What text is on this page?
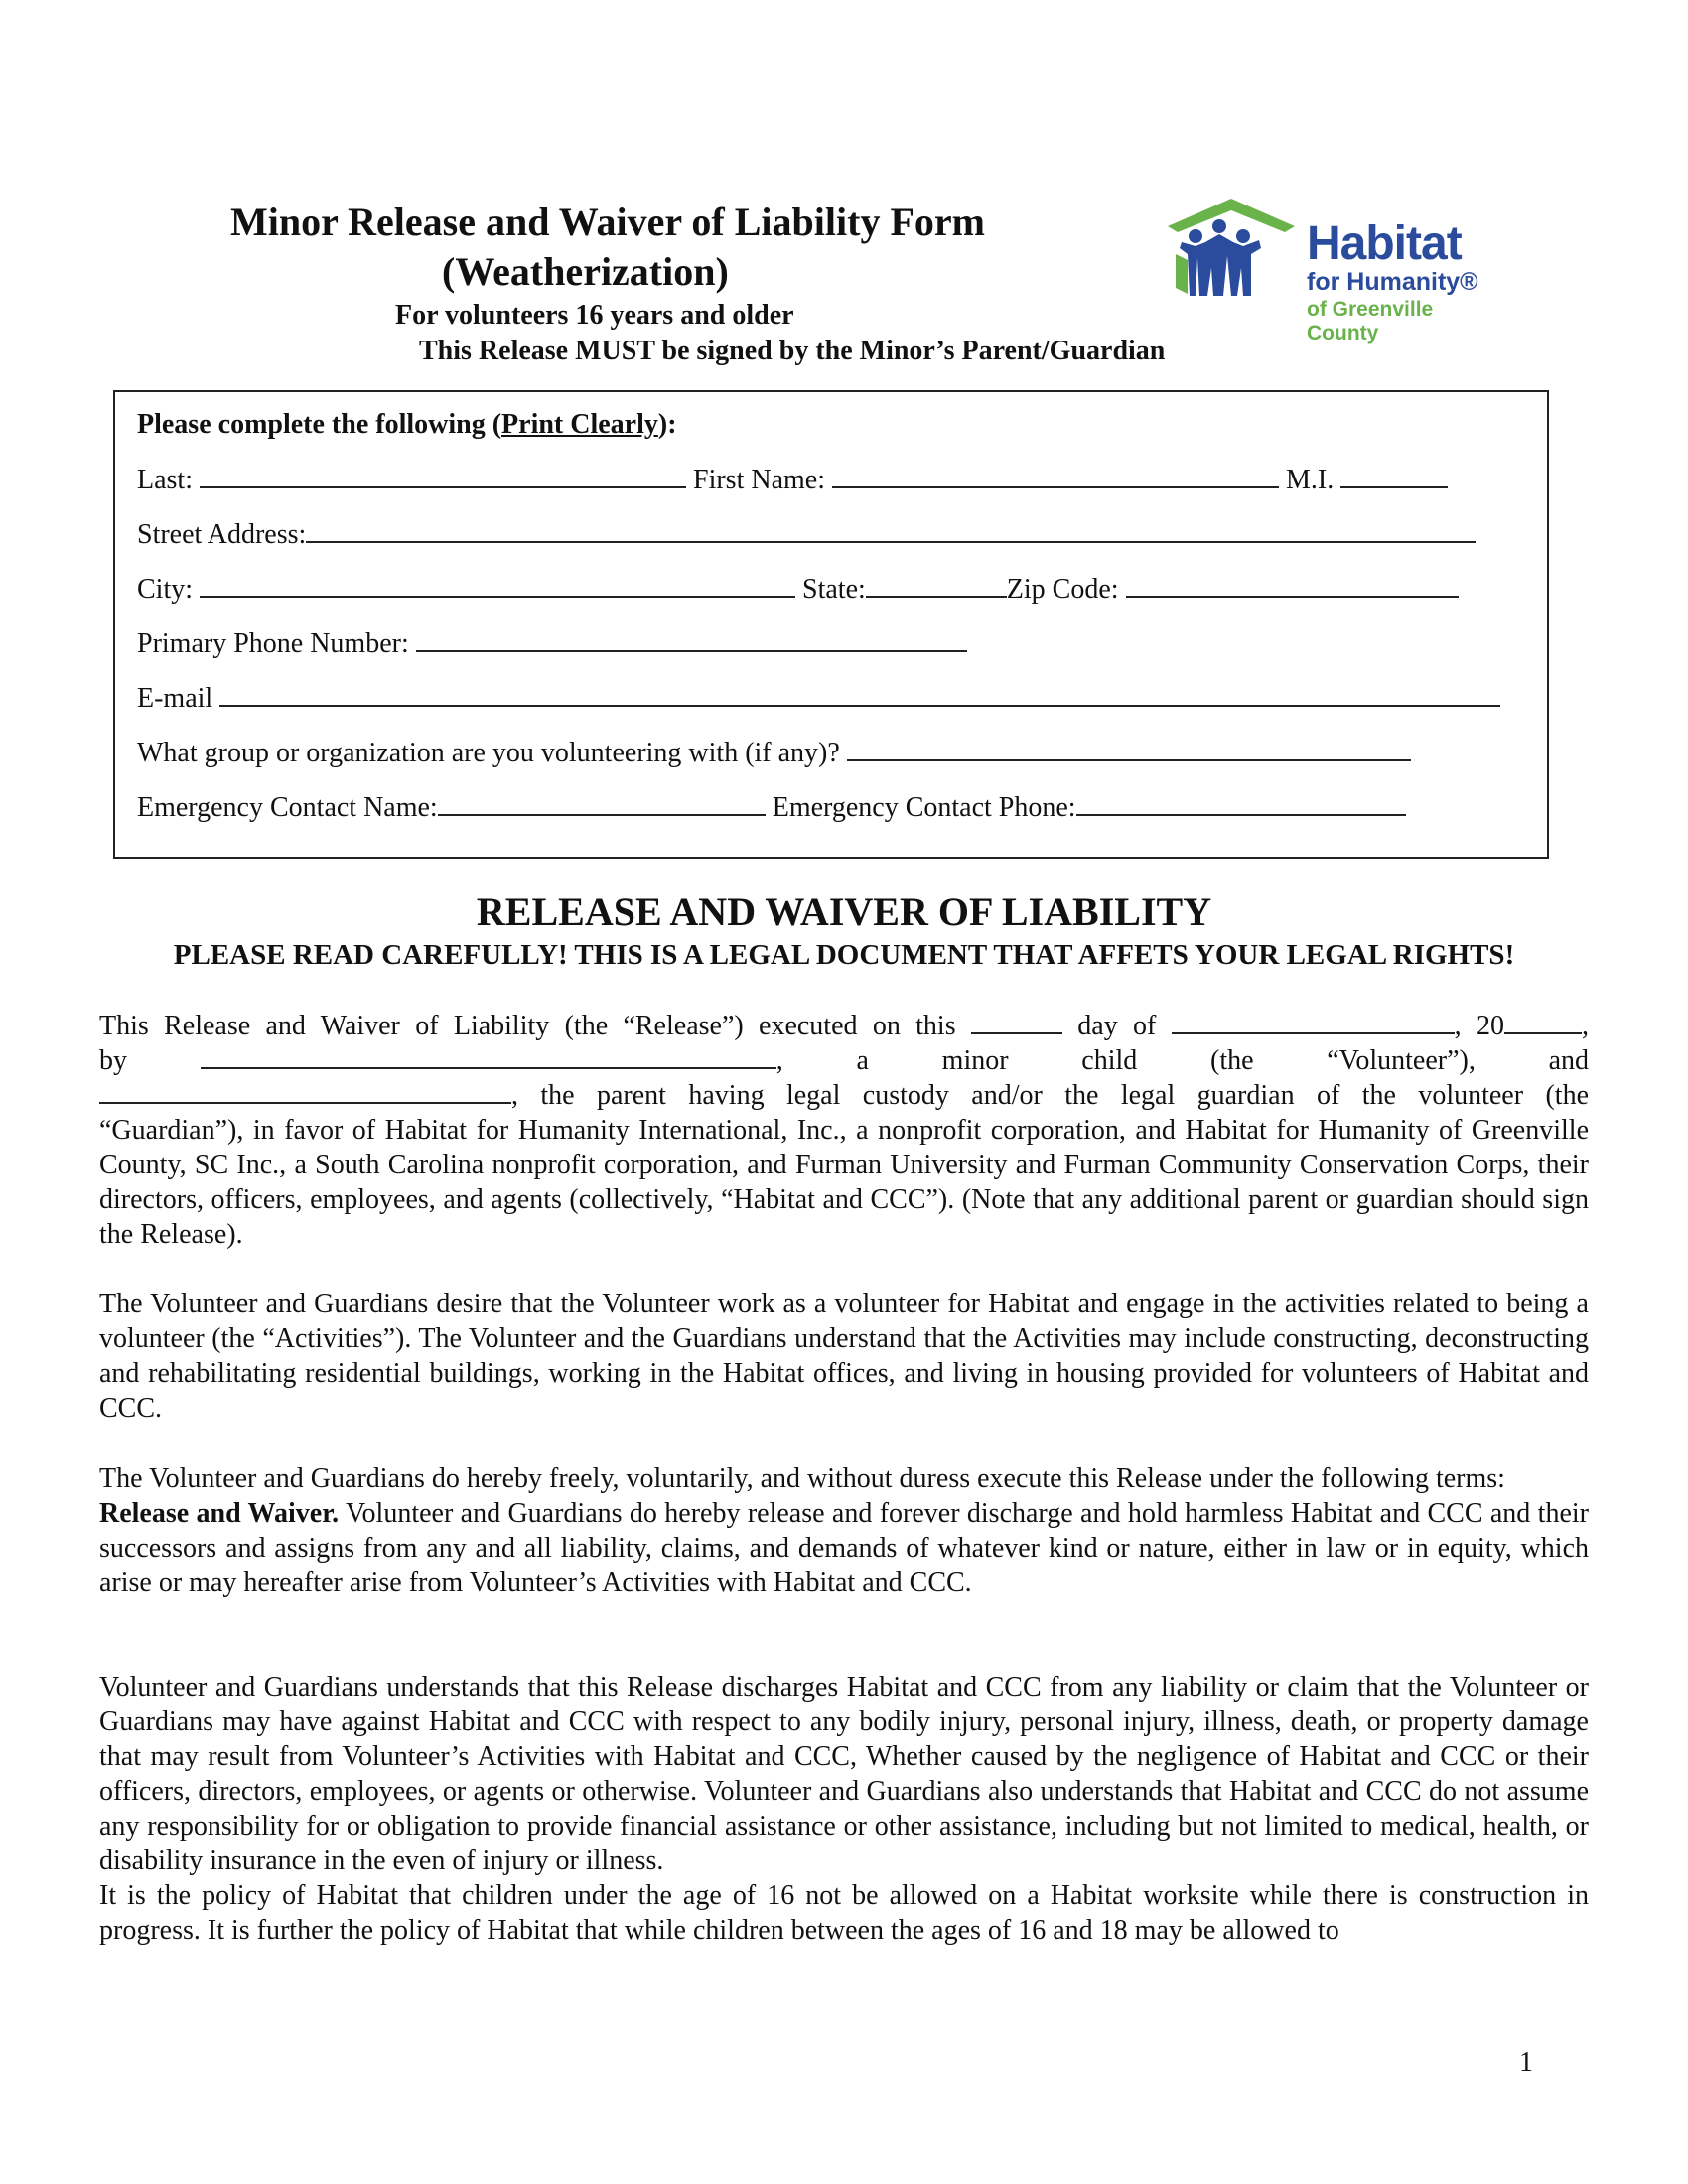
Minor Release and Waiver of Liability Form
(Weatherization)
For volunteers 16 years and older
This Release MUST be signed by the Minor’s Parent/Guardian
Habitat
for Humanity®
of Greenville County
Please complete the following (Print Clearly):
Last:	First Name:	M.I.
Street Address:
City:	State:	Zip Code:
Primary Phone Number:
E-mail
What group or organization are you volunteering with (if any)?
Emergency Contact Name:	Emergency Contact Phone:
RELEASE AND WAIVER OF LIABILITY
PLEASE READ CAREFULLY! THIS IS A LEGAL DOCUMENT THAT AFFETS YOUR LEGAL RIGHTS!
This Release and Waiver of Liability (the “Release”) executed on this	day of	, 20	,
by	, a minor child (the “Volunteer”), and
, the parent having legal custody and/or the legal guardian of the volunteer (the

“Guardian”), in favor of Habitat for Humanity International, Inc., a nonprofit corporation, and Habitat for Humanity of Greenville County, SC Inc., a South Carolina nonprofit corporation, and Furman University and Furman Community Conservation Corps, their directors, officers, employees, and agents (collectively, “Habitat and CCC”). (Note that any additional parent or guardian should sign the Release).

The Volunteer and Guardians desire that the Volunteer work as a volunteer for Habitat and engage in the activities related to being a volunteer (the “Activities”). The Volunteer and the Guardians understand that the Activities may include constructing, deconstructing and rehabilitating residential buildings, working in the Habitat offices, and living in housing provided for volunteers of Habitat and CCC.

The Volunteer and Guardians do hereby freely, voluntarily, and without duress execute this Release under the following terms:

Release and Waiver. Volunteer and Guardians do hereby release and forever discharge and hold harmless Habitat and CCC and their successors and assigns from any and all liability, claims, and demands of whatever kind or nature, either in law or in equity, which arise or may hereafter arise from Volunteer’s Activities with Habitat and CCC.

Volunteer and Guardians understands that this Release discharges Habitat and CCC from any liability or claim that the Volunteer or Guardians may have against Habitat and CCC with respect to any bodily injury, personal injury, illness, death, or property damage that may result from Volunteer’s Activities with Habitat and CCC, Whether caused by the negligence of Habitat and CCC or their officers, directors, employees, or agents or otherwise. Volunteer and Guardians also understands that Habitat and CCC do not assume any responsibility for or obligation to provide financial assistance or other assistance, including but not limited to medical, health, or disability insurance in the even of injury or illness.

It is the policy of Habitat that children under the age of 16 not be allowed on a Habitat worksite while there is construction in progress. It is further the policy of Habitat that while children between the ages of 16 and 18 may be allowed to

1
